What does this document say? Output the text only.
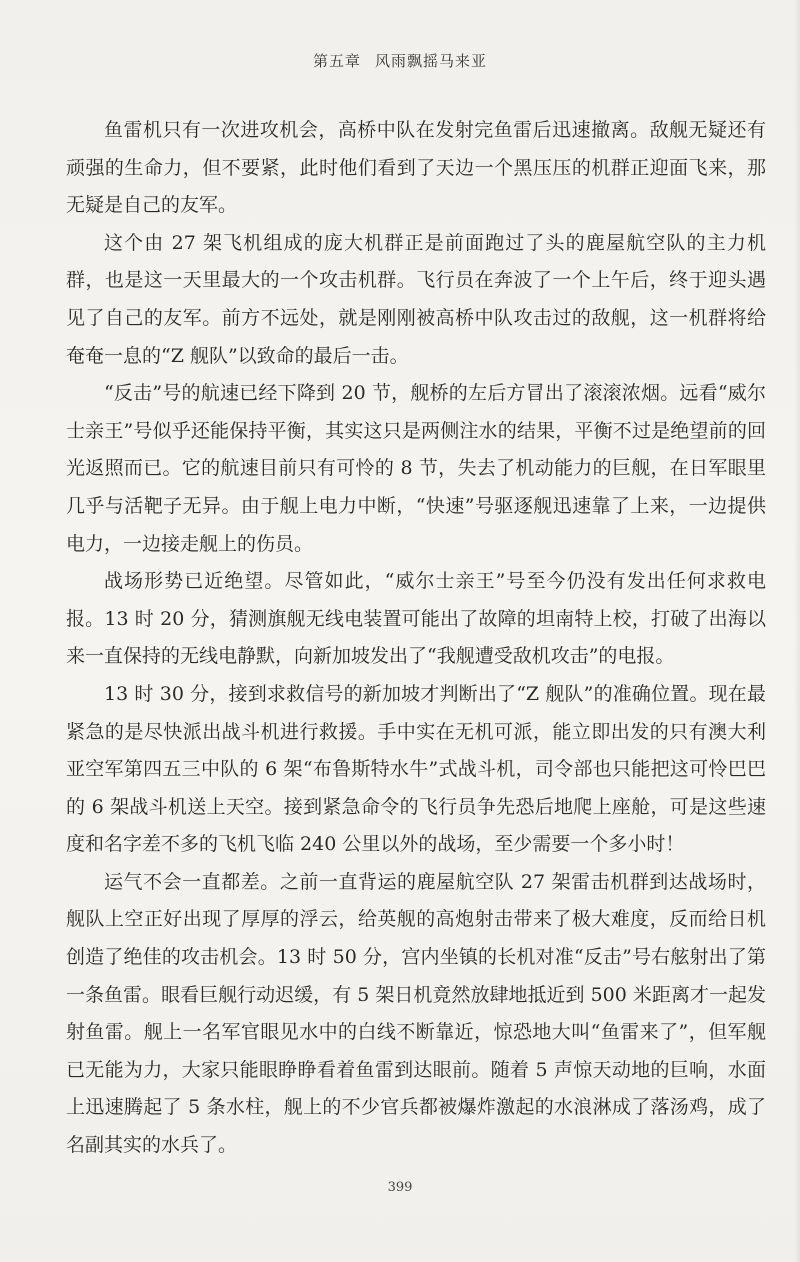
第五章 风雨飘摇马来亚

鱼雷机只有一次进攻机会，高桥中队在发射完鱼雷后迅速撤离。敌舰无疑还有顽强的生命力，但不要紧，此时他们看到了天边一个黑压压的机群正迎面飞来，那无疑是自己的友军。

这个由 27 架飞机组成的庞大机群正是前面跑过了头的鹿屋航空队的主力机群，也是这一天里最大的一个攻击机群。飞行员在奔波了一个上午后，终于迎头遇见了自己的友军。前方不远处，就是刚刚被高桥中队攻击过的敌舰，这一机群将给奄奄一息的“Z 舰队”以致命的最后一击。

“反击”号的航速已经下降到 20 节，舰桥的左后方冒出了滚滚浓烟。远看“威尔士亲王”号似乎还能保持平衡，其实这只是两侧注水的结果，平衡不过是绝望前的回光返照而已。它的航速目前只有可怜的 8 节，失去了机动能力的巨舰，在日军眼里几乎与活靶子无异。由于舰上电力中断，“快速”号驱逐舰迅速靠了上来，一边提供电力，一边接走舰上的伤员。

战场形势已近绝望。尽管如此，“威尔士亲王”号至今仍没有发出任何求救电报。13 时 20 分，猜测旗舰无线电装置可能出了故障的坦南特上校，打破了出海以来一直保持的无线电静默，向新加坡发出了“我舰遭受敌机攻击”的电报。

13 时 30 分，接到求救信号的新加坡才判断出了“Z 舰队”的准确位置。现在最紧急的是尽快派出战斗机进行救援。手中实在无机可派，能立即出发的只有澳大利亚空军第四五三中队的 6 架“布鲁斯特水牛”式战斗机，司令部也只能把这可怜巴巴的 6 架战斗机送上天空。接到紧急命令的飞行员争先恐后地爬上座舱，可是这些速度和名字差不多的飞机飞临 240 公里以外的战场，至少需要一个多小时！

运气不会一直都差。之前一直背运的鹿屋航空队 27 架雷击机群到达战场时，舰队上空正好出现了厚厚的浮云，给英舰的高炮射击带来了极大难度，反而给日机创造了绝佳的攻击机会。13 时 50 分，宫内坐镇的长机对准“反击”号右舷射出了第一条鱼雷。眼看巨舰行动迟缓，有 5 架日机竟然放肆地抵近到 500 米距离才一起发射鱼雷。舰上一名军官眼见水中的白线不断靠近，惊恐地大叫“鱼雷来了”，但军舰已无能为力，大家只能眼睁睁看着鱼雷到达眼前。随着 5 声惊天动地的巨响，水面上迅速腾起了 5 条水柱，舰上的不少官兵都被爆炸激起的水浪淋成了落汤鸡，成了名副其实的水兵了。

399
